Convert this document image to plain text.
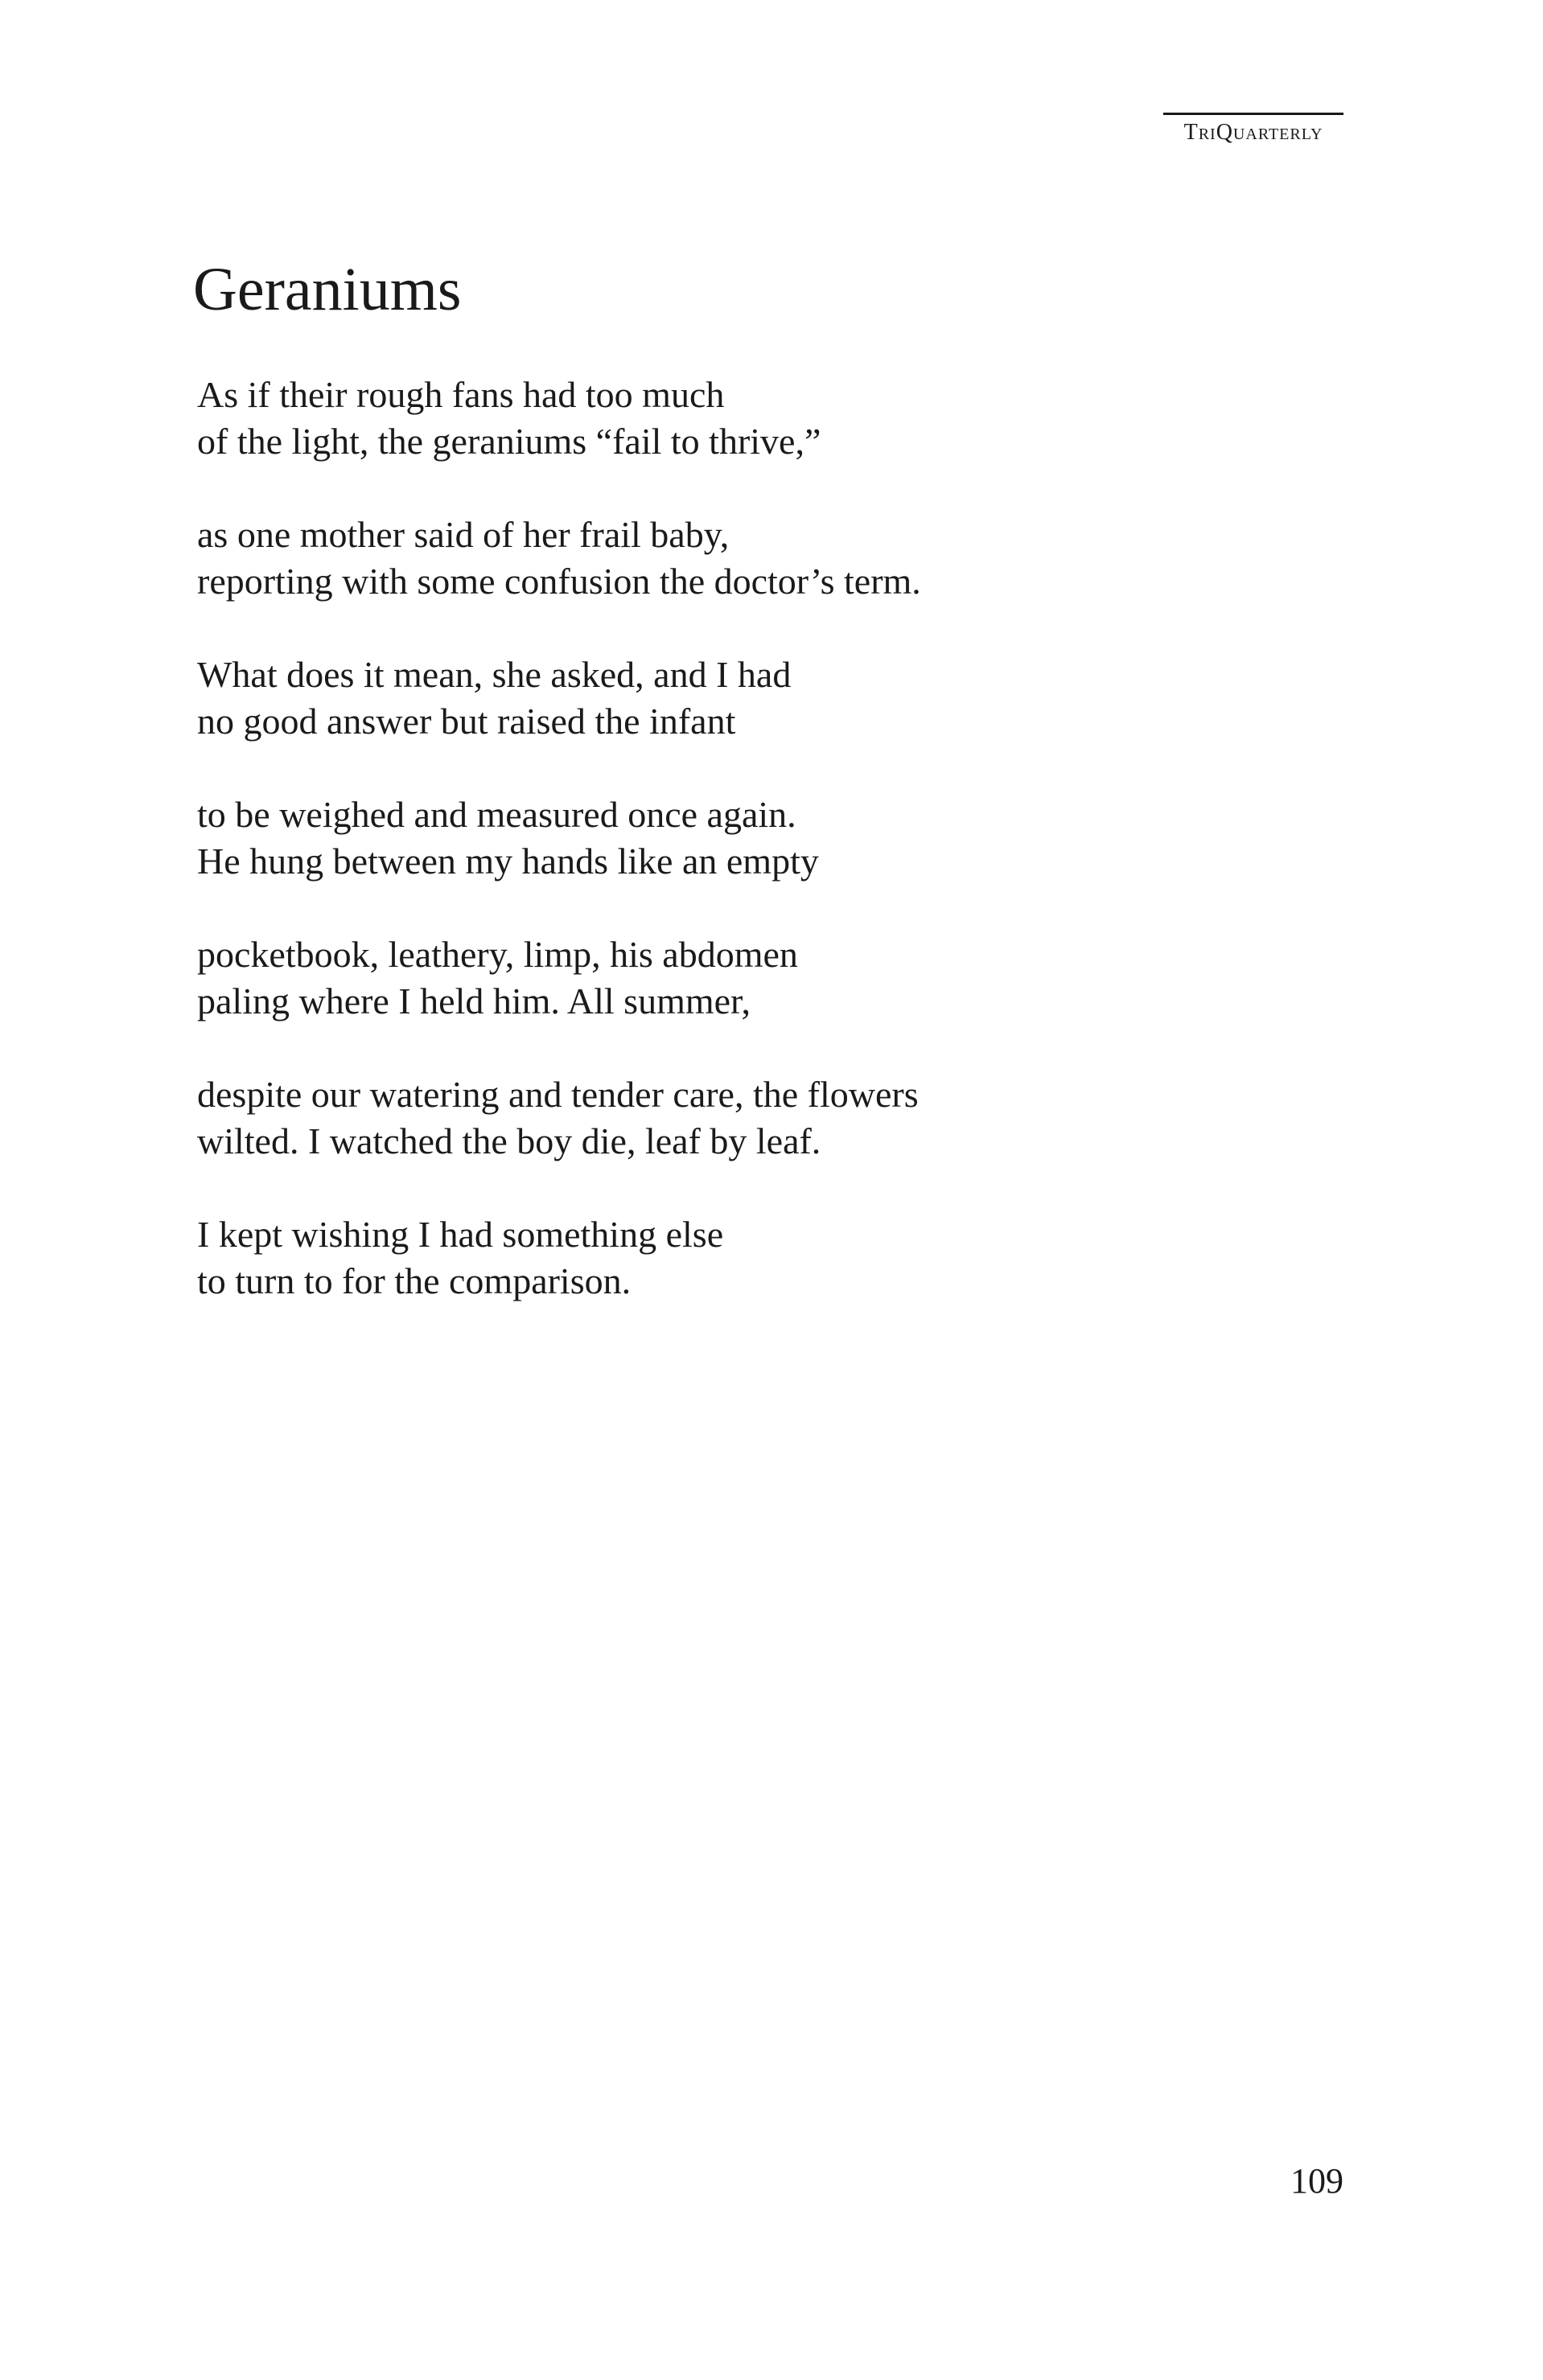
TriQuarterly
Geraniums

As if their rough fans had too much
of the light, the geraniums “fail to thrive,”

as one mother said of her frail baby,
reporting with some confusion the doctor’s term.

What does it mean, she asked, and I had
no good answer but raised the infant

to be weighed and measured once again.
He hung between my hands like an empty

pocketbook, leathery, limp, his abdomen
paling where I held him. All summer,

despite our watering and tender care, the flowers
wilted. I watched the boy die, leaf by leaf.

I kept wishing I had something else
to turn to for the comparison.

109
